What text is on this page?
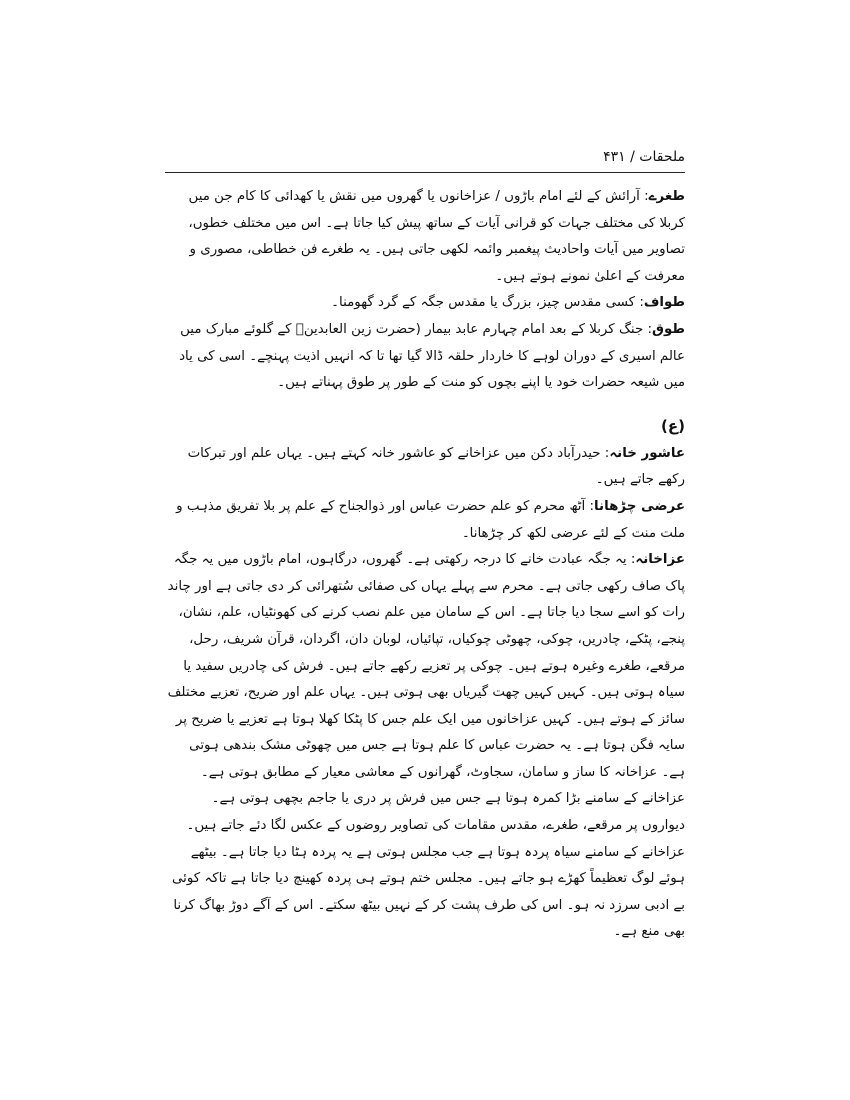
ملحقات / ۴۳۱

طغرے: آرائش کے لئے امام باڑوں / عزاخانوں یا گھروں میں نقش یا کھدائی کا کام جن میں کربلا کی مختلف جہات کو قرانی آیات کے ساتھ پیش کیا جاتا ہے۔ اس میں مختلف خطوں، تصاویر میں آیات واحادیث پیغمبر وائمہ لکھی جاتی ہیں۔ یہ طغرے فن خطاطی، مصوری و معرفت کے اعلیٰ نمونے ہوتے ہیں۔

طواف: کسی مقدس چیز، بزرگ یا مقدس جگہ کے گرد گھومنا۔

طوق: جنگ کربلا کے بعد امام چہارم عابد بیمار (حضرت زین العابدینؑ کے گلوئے مبارک میں عالم اسیری کے دوران لوہے کا خاردار حلقہ ڈالا گیا تھا تا کہ انہیں اذیت پہنچے۔ اسی کی یاد میں شیعہ حضرات خود یا اپنے بچوں کو منت کے طور پر طوق پہناتے ہیں۔

(ع)

عاشور خانہ: حیدرآباد دکن میں عزاخانے کو عاشور خانہ کہتے ہیں۔ یہاں علم اور تبرکات رکھے جاتے ہیں۔

عرضی چڑھانا: آٹھ محرم کو علم حضرت عباس اور ذوالجناح کے علم پر بلا تفریق مذہب و ملت منت کے لئے عرضی لکھ کر چڑھانا۔

عزاخانہ: یہ جگہ عبادت خانے کا درجہ رکھتی ہے۔ گھروں، درگاہوں، امام باڑوں میں یہ جگہ پاک صاف رکھی جاتی ہے۔ محرم سے پہلے یہاں کی صفائی سُتھرائی کر دی جاتی ہے اور چاند رات کو اسے سجا دیا جاتا ہے۔ اس کے سامان میں علم نصب کرنے کی کھونٹیاں، علم، نشان، پنجے، پٹکے، چادریں، چوکی، چھوٹی چوکیاں، تپائیاں، لوبان دان، اگردان، قرآن شریف، رحل، مرقعے، طغرے وغیرہ ہوتے ہیں۔ چوکی پر تعزیے رکھے جاتے ہیں۔ فرش کی چادریں سفید یا سیاہ ہوتی ہیں۔ کہیں کہیں چھت گیریاں بھی ہوتی ہیں۔ یہاں علم اور ضریح، تعزیے مختلف سائز کے ہوتے ہیں۔ کہیں عزاخانوں میں ایک علم جس کا پٹکا کھلا ہوتا ہے تعزیے یا ضریح پر سایہ فگن ہوتا ہے۔ یہ حضرت عباس کا علم ہوتا ہے جس میں چھوٹی مشک بندھی ہوتی ہے۔ عزاخانہ کا ساز و سامان، سجاوٹ، گھرانوں کے معاشی معیار کے مطابق ہوتی ہے۔ عزاخانے کے سامنے بڑا کمرہ ہوتا ہے جس میں فرش پر دری یا جاجم بچھی ہوتی ہے۔ دیواروں پر مرقعے، طغرے، مقدس مقامات کی تصاویر روضوں کے عکس لگا دئے جاتے ہیں۔ عزاخانے کے سامنے سیاہ پردہ ہوتا ہے جب مجلس ہوتی ہے یہ پردہ ہٹا دیا جاتا ہے۔ بیٹھے ہوئے لوگ تعظیماً کھڑے ہو جاتے ہیں۔ مجلس ختم ہوتے ہی پردہ کھینچ دیا جاتا ہے تاکہ کوئی بے ادبی سرزد نہ ہو۔ اس کی طرف پشت کر کے نہیں بیٹھ سکتے۔ اس کے آگے دوڑ بھاگ کرنا بھی منع ہے۔
